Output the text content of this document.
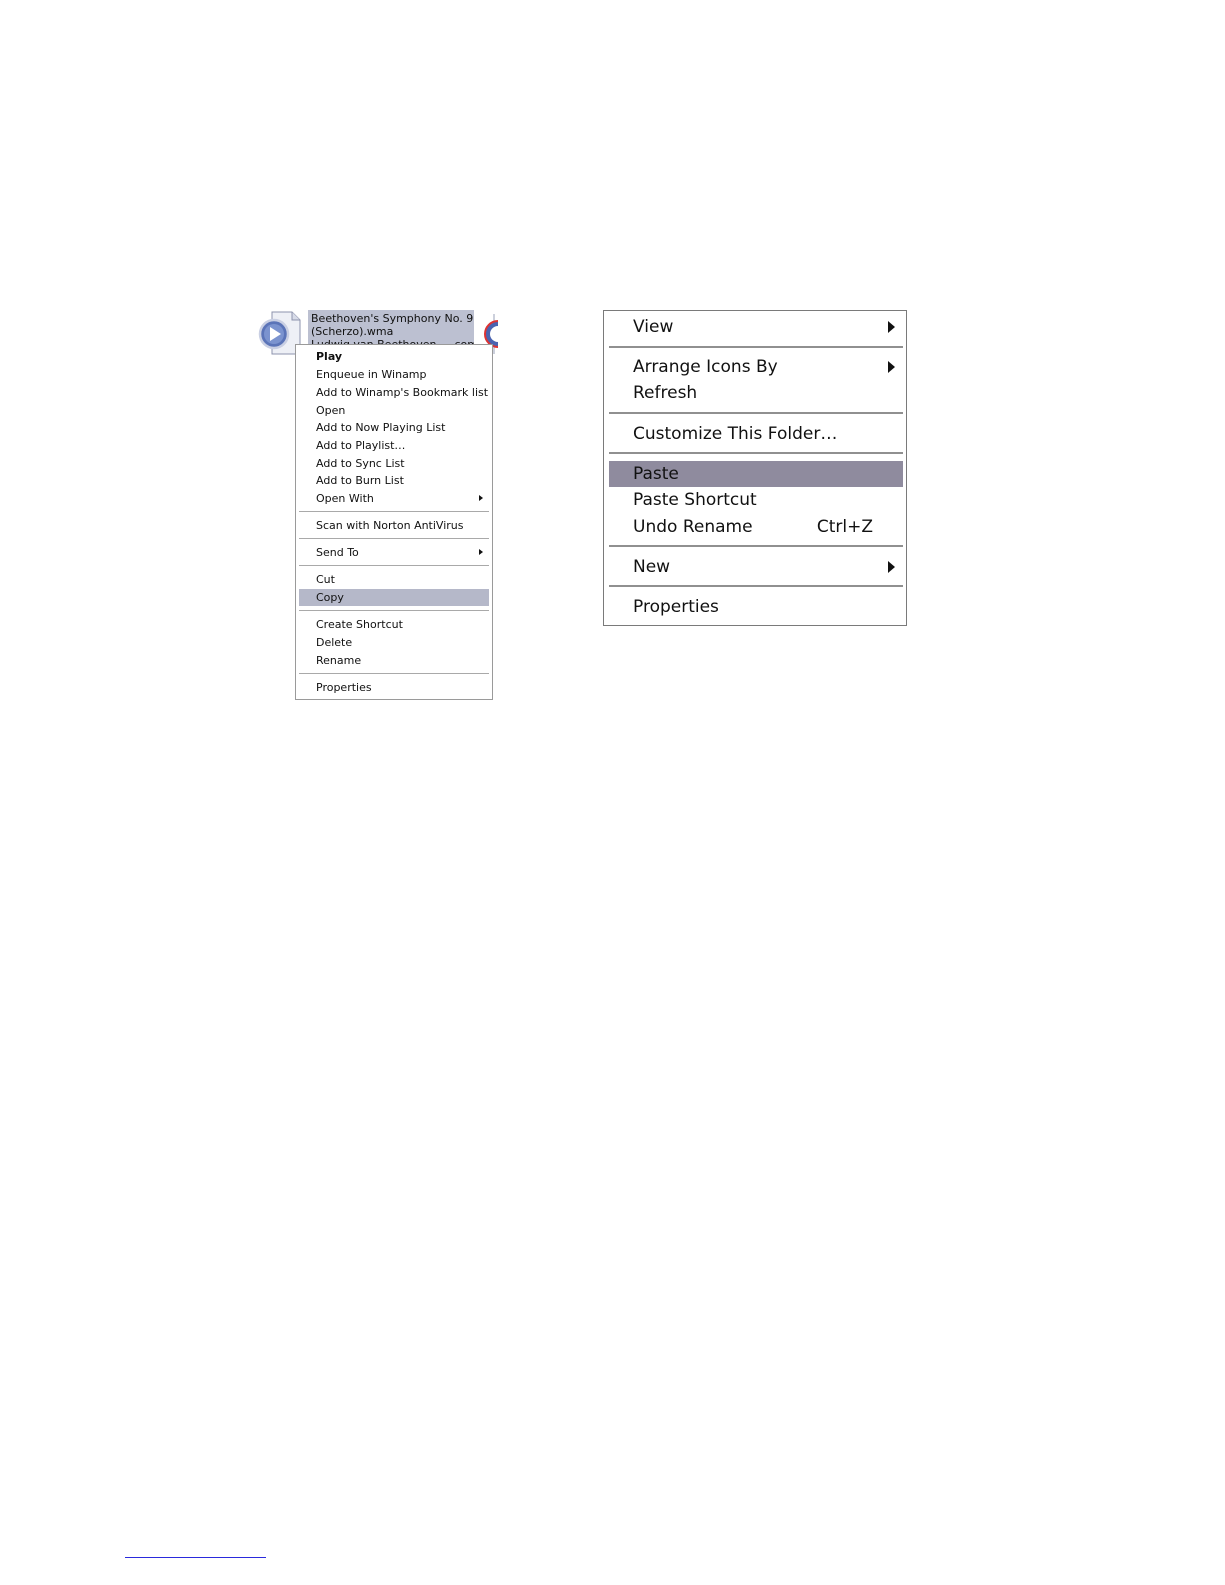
Beethoven's Symphony No. 9
(Scherzo).wma
Play
Enqueue in Winamp
Add to Winamp's Bookmark list
Open
Add to Now Playing List
Add to Playlist…
Add to Sync List
Add to Burn List
Open With
Scan with Norton AntiVirus
Send To
Cut
Copy
Create Shortcut
Delete
Rename
Properties
View
Arrange Icons By
Refresh
Customize This Folder…
Paste
Paste Shortcut
Undo Rename	Ctrl+Z
New
Properties
